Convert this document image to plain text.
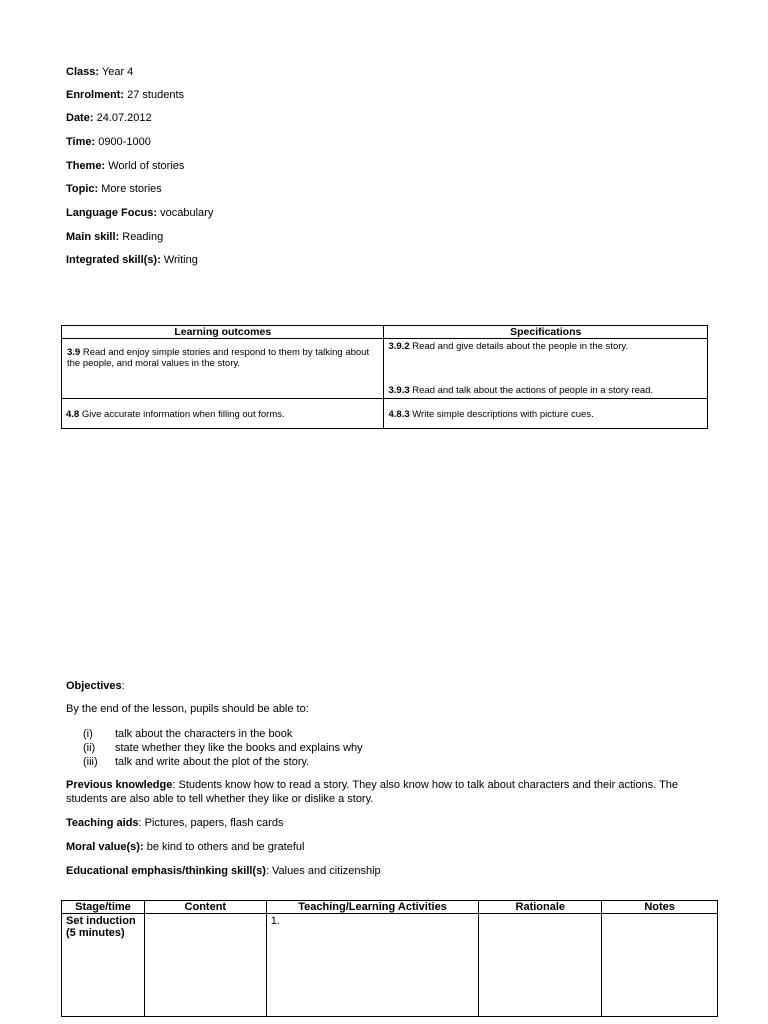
Class: Year 4
Enrolment: 27 students
Date: 24.07.2012
Time: 0900-1000
Theme: World of stories
Topic: More stories
Language Focus: vocabulary
Main skill: Reading
Integrated skill(s): Writing
Learning outcomes	Specifications
3.9 Read and enjoy simple stories and respond to them by talking about the people, and moral values in the story.	3.9.2 Read and give details about the people in the story.
3.9.3 Read and talk about the actions of people in a story read.

4.8 Give accurate information when filling out forms.	4.8.3 Write simple descriptions with picture cues.
Objectives:
By the end of the lesson, pupils should be able to:
(i)	talk about the characters in the book
(ii)	state whether they like the books and explains why
(iii)	talk and write about the plot of the story.
Previous knowledge: Students know how to read a story. They also know how to talk about characters and their actions. The students are also able to tell whether they like or dislike a story.
Teaching aids: Pictures, papers, flash cards
Moral value(s): be kind to others and be grateful
Educational emphasis/thinking skill(s): Values and citizenship
Stage/time	Content	Teaching/Learning Activities	Rationale	Notes

Set induction
(5 minutes)		1.		
